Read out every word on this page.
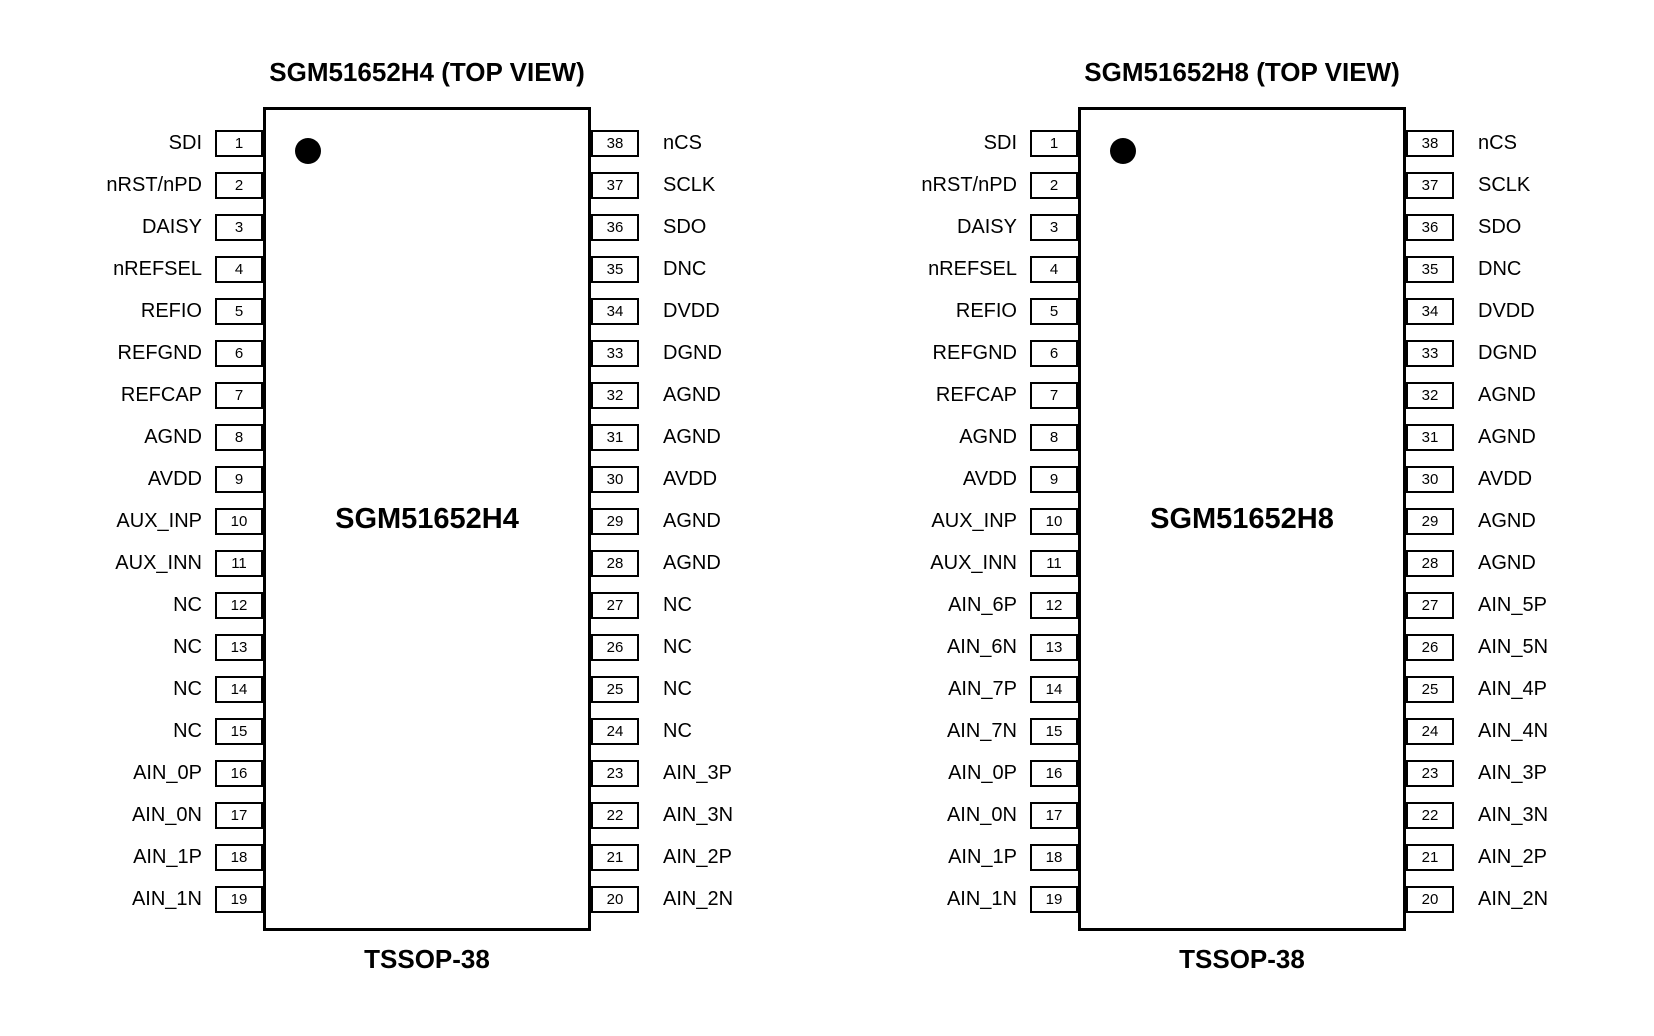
SGM51652H4 (TOP VIEW)
SGM51652H4
SDI	1
nRST/nPD	2
DAISY	3
nREFSEL	4
REFIO	5
REFGND	6
REFCAP	7
AGND	8
AVDD	9
AUX_INP	10
AUX_INN	11
NC	12
NC	13
NC	14
NC	15
AIN_0P	16
AIN_0N	17
AIN_1P	18
AIN_1N	19
38	nCS
37	SCLK
36	SDO
35	DNC
34	DVDD
33	DGND
32	AGND
31	AGND
30	AVDD
29	AGND
28	AGND
27	NC
26	NC
25	NC
24	NC
23	AIN_3P
22	AIN_3N
21	AIN_2P
20	AIN_2N
TSSOP-38
SGM51652H8 (TOP VIEW)
SGM51652H8
SDI	1
nRST/nPD	2
DAISY	3
nREFSEL	4
REFIO	5
REFGND	6
REFCAP	7
AGND	8
AVDD	9
AUX_INP	10
AUX_INN	11
AIN_6P	12
AIN_6N	13
AIN_7P	14
AIN_7N	15
AIN_0P	16
AIN_0N	17
AIN_1P	18
AIN_1N	19
38	nCS
37	SCLK
36	SDO
35	DNC
34	DVDD
33	DGND
32	AGND
31	AGND
30	AVDD
29	AGND
28	AGND
27	AIN_5P
26	AIN_5N
25	AIN_4P
24	AIN_4N
23	AIN_3P
22	AIN_3N
21	AIN_2P
20	AIN_2N
TSSOP-38
